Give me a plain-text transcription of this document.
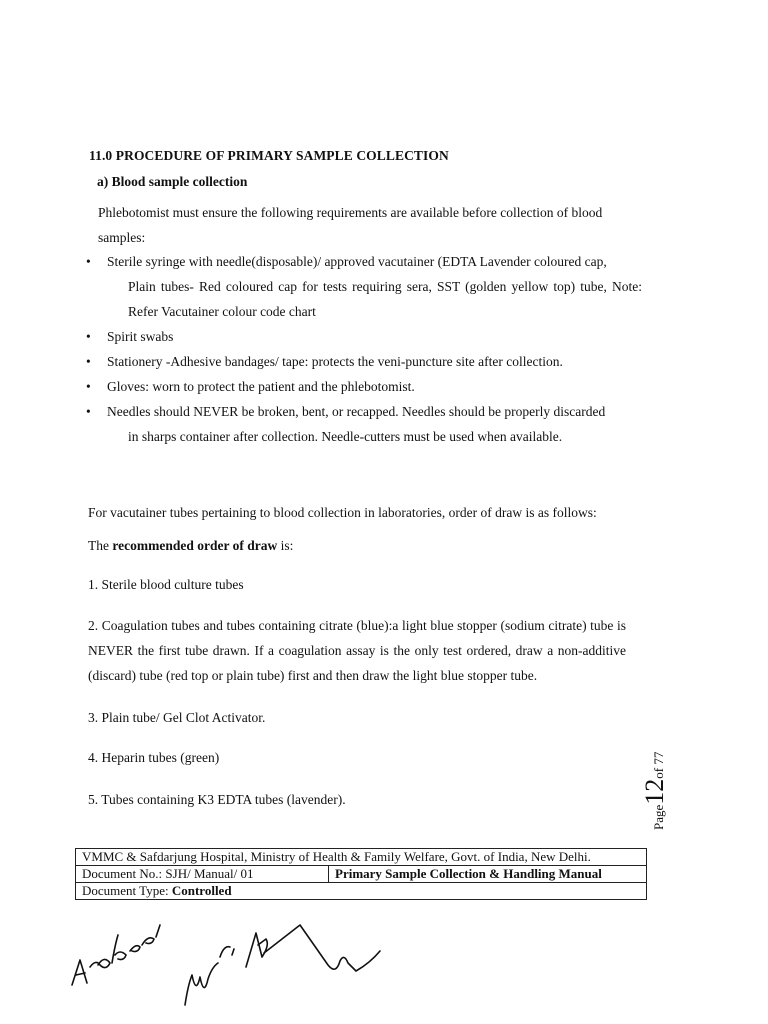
11.0 PROCEDURE OF PRIMARY SAMPLE COLLECTION
a) Blood sample collection
Phlebotomist must ensure the following requirements are available before collection of blood samples:
• Sterile syringe with needle(disposable)/ approved vacutainer (EDTA Lavender coloured cap,
Plain tubes- Red coloured cap for tests requiring sera, SST (golden yellow top) tube, Note: Refer Vacutainer colour code chart
• Spirit swabs
• Stationery -Adhesive bandages/ tape: protects the veni-puncture site after collection.
• Gloves: worn to protect the patient and the phlebotomist.
• Needles should NEVER be broken, bent, or recapped. Needles should be properly discarded
in sharps container after collection. Needle-cutters must be used when available.
For vacutainer tubes pertaining to blood collection in laboratories, order of draw is as follows:
The recommended order of draw is:
1. Sterile blood culture tubes
2. Coagulation tubes and tubes containing citrate (blue):a light blue stopper (sodium citrate) tube is NEVER the first tube drawn. If a coagulation assay is the only test ordered, draw a non-additive (discard) tube (red top or plain tube) first and then draw the light blue stopper tube.
3. Plain tube/ Gel Clot Activator.
4. Heparin tubes (green)
5. Tubes containing K3 EDTA tubes (lavender).
Page12of 77
VMMC & Safdarjung Hospital, Ministry of Health & Family Welfare, Govt. of India, New Delhi.
Document No.: SJH/ Manual/ 01	Primary Sample Collection & Handling Manual
Document Type: Controlled
